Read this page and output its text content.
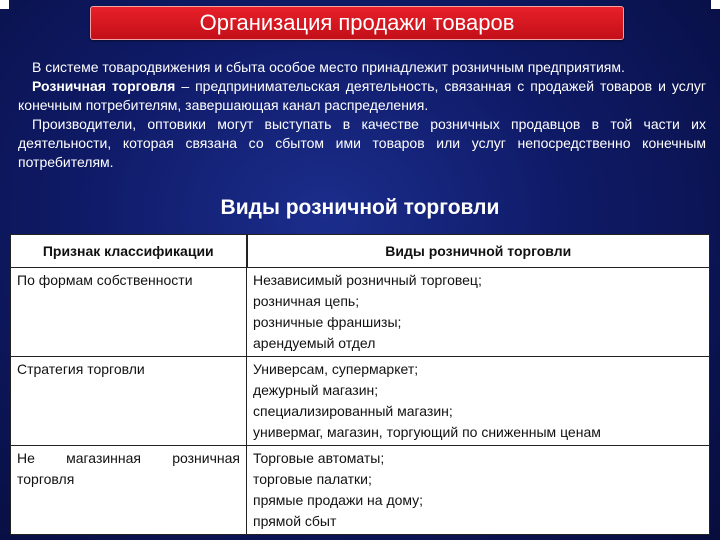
Организация продажи товаров

В системе товародвижения и сбыта особое место принадлежит розничным предприятиям.

Розничная торговля – предпринимательская деятельность, связанная с продажей товаров и услуг конечным потребителям, завершающая канал распределения.

Производители, оптовики могут выступать в качестве розничных продавцов в той части их деятельности, которая связана со сбытом ими товаров или услуг непосредственно конечным потребителям.

Виды розничной торговли
Признак классификации	Виды розничной торговли
По формам собственности	Независимый розничный торговец;
розничная цепь;
розничные франшизы;
арендуемый отдел

Стратегия торговли	Универсам, супермаркет;
дежурный магазин;
специализированный магазин;
универмаг, магазин, торгующий по сниженным ценам

Не магазинная розничная торговля	Торговые автоматы;
торговые палатки;
прямые продажи на дому;
прямой сбыт
